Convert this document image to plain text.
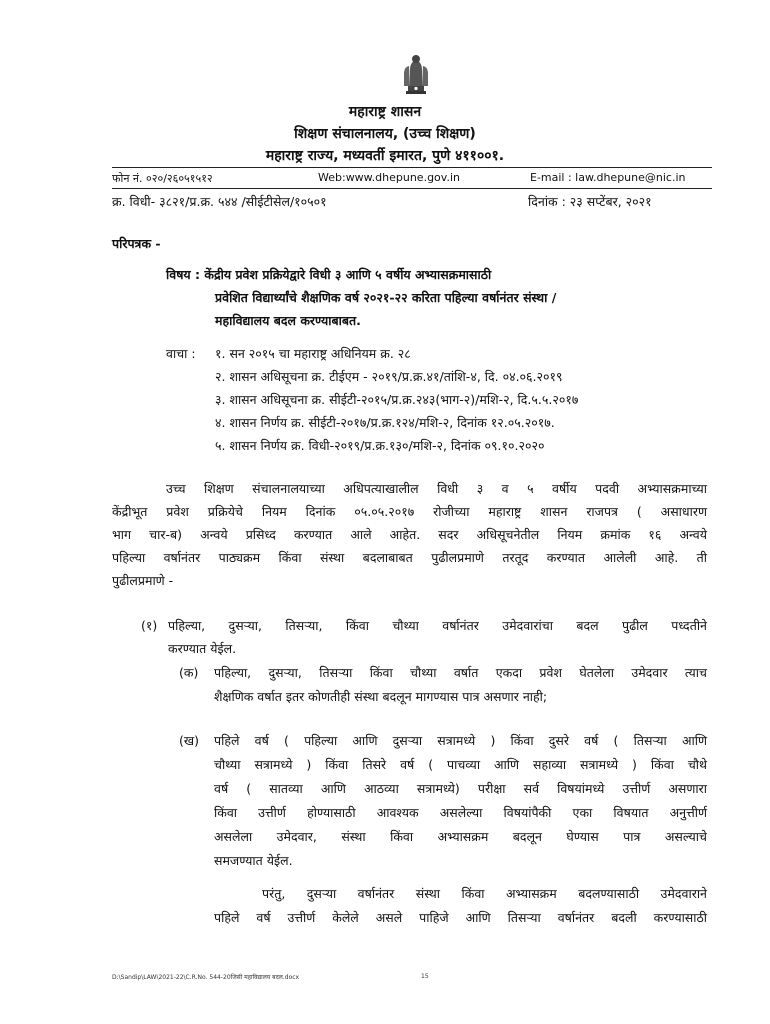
महाराष्ट्र शासन
शिक्षण संचालनालय, (उच्च शिक्षण)
महाराष्ट्र राज्य, मध्यवर्ती इमारत, पुणे ४११००१.
फोन नं. ०२०/२६०५१५१२	Web:www.dhepune.gov.in	E-mail : law.dhepune@nic.in
क्र. विधी- ३८२१/प्र.क्र. ५४४ /सीईटीसेल/१०५०१	दिनांक : २३ सप्टेंबर, २०२१
परिपत्रक -
विषय : केंद्रीय प्रवेश प्रक्रियेद्वारे विधी ३ आणि ५ वर्षीय अभ्यासक्रमासाठी
प्रवेशित विद्यार्थ्यांचे शैक्षणिक वर्ष २०२१-२२ करिता पहिल्या वर्षानंतर संस्था /
महाविद्यालय बदल करण्याबाबत.
वाचा : १. सन २०१५ चा महाराष्ट्र अधिनियम क्र. २८
२. शासन अधिसूचना क्र. टीईएम - २०१९/प्र.क्र.४१/तांशि-४, दि. ०४.०६.२०१९
३. शासन अधिसूचना क्र. सीईटी-२०१५/प्र.क्र.२४३(भाग-२)/मशि-२, दि.५.५.२०१७
४. शासन निर्णय क्र. सीईटी-२०१७/प्र.क्र.१२४/मशि-२, दिनांक १२.०५.२०१७.
५. शासन निर्णय क्र. विधी-२०१९/प्र.क्र.१३०/मशि-२, दिनांक ०९.१०.२०२०
उच्च शिक्षण संचालनालयाच्या अधिपत्याखालील विधी ३ व ५ वर्षीय पदवी अभ्यासक्रमाच्या
केंद्रीभूत प्रवेश प्रक्रियेचे नियम दिनांक ०५.०५.२०१७ रोजीच्या महाराष्ट्र शासन राजपत्र ( असाधारण
भाग चार-ब) अन्वये प्रसिध्द करण्यात आले आहेत. सदर अधिसूचनेतील नियम क्रमांक १६ अन्वये
पहिल्या वर्षानंतर पाठ्यक्रम किंवा संस्था बदलाबाबत पुढीलप्रमाणे तरतूद करण्यात आलेली आहे. ती
पुढीलप्रमाणे -
(१) पहिल्या, दुसऱ्या, तिसऱ्या, किंवा चौथ्या वर्षानंतर उमेदवारांचा बदल पुढील पध्दतीने
करण्यात येईल.
(क) पहिल्या, दुसऱ्या, तिसऱ्या किंवा चौथ्या वर्षात एकदा प्रवेश घेतलेला उमेदवार त्याच
शैक्षणिक वर्षात इतर कोणतीही संस्था बदलून मागण्यास पात्र असणार नाही;
(ख) पहिले वर्ष ( पहिल्या आणि दुसऱ्या सत्रामध्ये ) किंवा दुसरे वर्ष ( तिसऱ्या आणि
चौथ्या सत्रामध्ये ) किंवा तिसरे वर्ष ( पाचव्या आणि सहाव्या सत्रामध्ये ) किंवा चौथे
वर्ष ( सातव्या आणि आठव्या सत्रामध्ये) परीक्षा सर्व विषयांमध्ये उत्तीर्ण असणारा
किंवा उत्तीर्ण होण्यासाठी आवश्यक असलेल्या विषयांपैकी एका विषयात अनुत्तीर्ण
असलेला उमेदवार, संस्था किंवा अभ्यासक्रम बदलून घेण्यास पात्र असल्याचे
समजण्यात येईल.
परंतु, दुसऱ्या वर्षानंतर संस्था किंवा अभ्यासक्रम बदलण्यासाठी उमेदवाराने
पहिले वर्ष उत्तीर्ण केलेले असले पाहिजे आणि तिसऱ्या वर्षानंतर बदली करण्यासाठी
D:\Sandip\LAW\2021-22\C.R.No. 544-20जिसी महाविद्यालय बदल.docx	15
